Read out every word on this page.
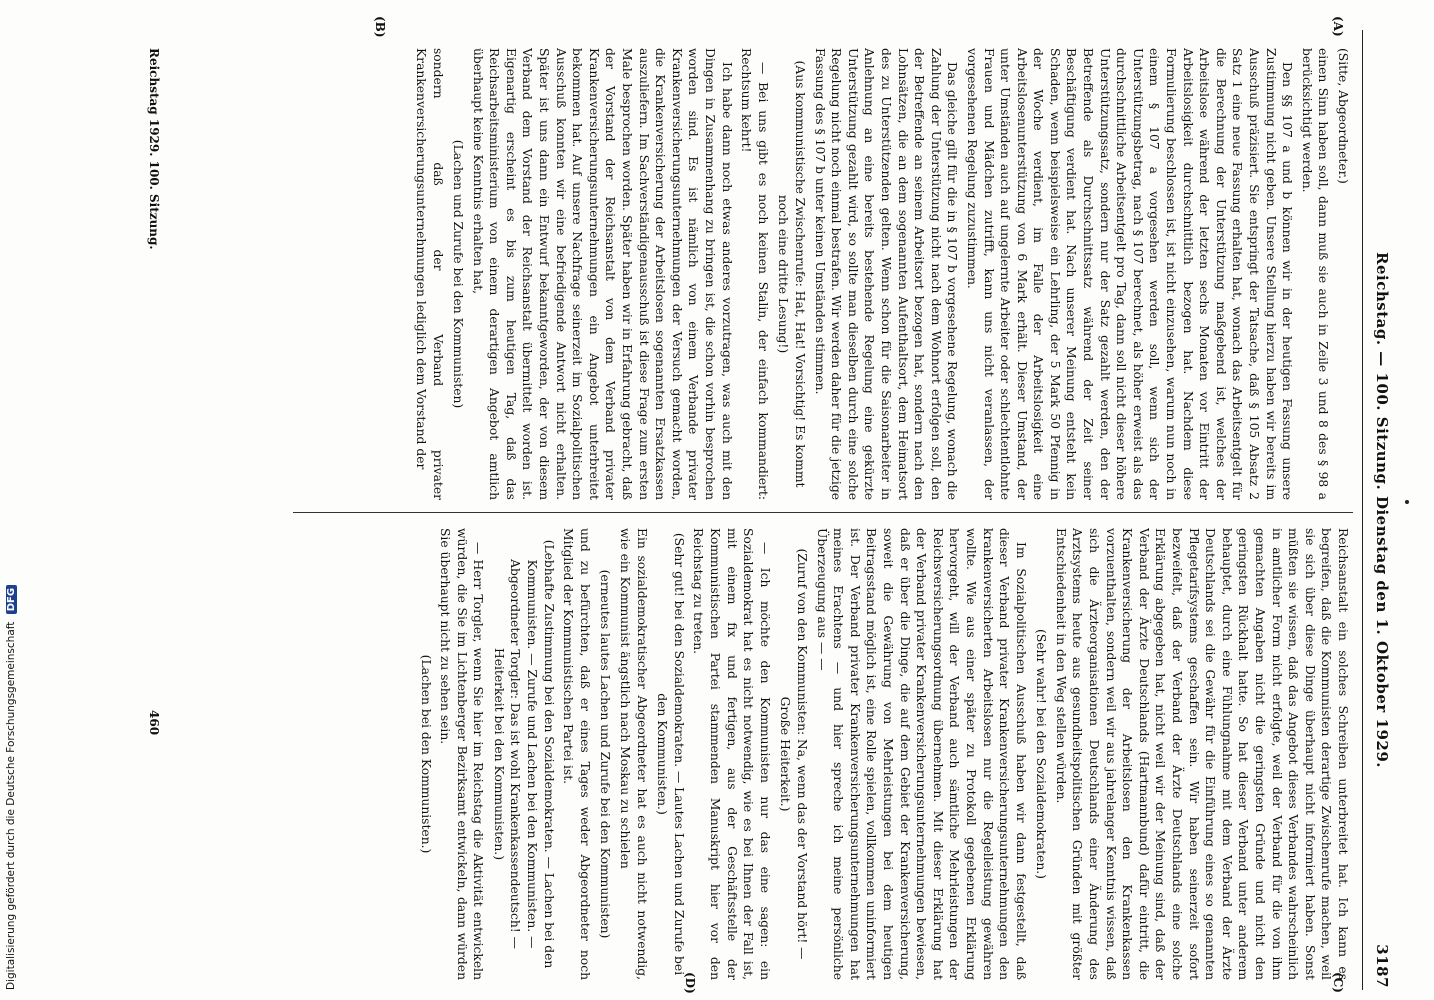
Reichstag. — 100. Sitzung. Dienstag den 1. Oktober 1929.
3187
(A)
(B)
(C)
(D)

(Sitte, Abgeordneter.)

einen Sinn haben soll, dann muß sie auch in Zeile 3 und 8 des § 98 a berücksichtigt werden.

Den §§ 107 a und b können wir in der heutigen Fassung unsere Zustimmung nicht geben. Unsere Stellung hierzu haben wir bereits im Ausschuß präzisiert. Sie entspringt der Tatsache, daß § 105 Absatz 2 Satz 1 eine neue Fassung erhalten hat, wonach das Arbeitsentgelt für die Berechnung der Unterstützung maßgebend ist, welches der Arbeitslose während der letzten sechs Monaten vor Eintritt der Arbeitslosigkeit durchschnittlich bezogen hat. Nachdem diese Formulierung beschlossen ist, ist nicht einzusehen, warum nun noch in einem § 107 a vorgesehen werden soll, wenn sich der Unterstützungsbetrag, nach § 107 berechnet, als höher erweist als das durchschnittliche Arbeitsentgelt pro Tag, dann soll nicht dieser höhere Unterstützungssatz, sondern nur der Satz gezahlt werden, den der Betreffende als Durchschnittssatz während der Zeit seiner Beschäftigung verdient hat. Nach unserer Meinung entsteht kein Schaden, wenn beispielsweise ein Lehrling, der 5 Mark 50 Pfennig in der Woche verdient, im Falle der Arbeitslosigkeit eine Arbeitslosenunterstützung von 6 Mark erhält. Dieser Umstand, der unter Umständen auch auf ungelernte Arbeiter oder schlechtentlohnte Frauen und Mädchen zutrifft, kann uns nicht veranlassen, der vorgesehenen Regelung zuzustimmen.

Das gleiche gilt für die in § 107 b vorgesehene Regelung, wonach die Zahlung der Unterstützung nicht nach dem Wohnort erfolgen soll, den der Betreffende an seinem Arbeitsort bezogen hat, sondern nach den Lohnsätzen, die an dem sogenannten Aufenthaltsort, dem Heimatsort des zu Unterstützenden gelten. Wenn schon für die Saisonarbeiter in Anlehnung an eine bereits bestehende Regelung eine gekürzte Unterstützung gezahlt wird, so sollte man dieselben durch eine solche Regelung nicht noch einmal bestrafen. Wir werden daher für die jetzige Fassung des § 107 b unter keinen Umständen stimmen.

(Aus kommunistische Zwischenrufe: Hat, Hat! Vorsichtig! Es kommt noch eine dritte Lesung!)

— Bei uns gibt es noch keinen Stalin, der einfach kommandiert: Rechtsum kehrt!

Ich habe dann noch etwas anderes vorzutragen, was auch mit den Dingen in Zusammenhang zu bringen ist, die schon vorhin besprochen worden sind. Es ist nämlich von einem Verbande privater Krankenversicherungsunternehmungen der Versuch gemacht worden, die Krankenversicherung der Arbeitslosen sogenannten Ersatzkassen auszuliefern. Im Sachverständigenausschuß ist diese Frage zum ersten Male besprochen worden. Später haben wir in Erfahrung gebracht, daß der Vorstand der Reichsanstalt von dem Verband privater Krankenversicherungsunternehmungen ein Angebot unterbreitet bekommen hat. Auf unsere Nachfrage seinerzeit im Sozialpolitischen Ausschuß konnten wir eine befriedigende Antwort nicht erhalten. Später ist uns dann ein Entwurf bekanntgeworden, der von diesem Verband dem Vorstand der Reichsanstalt übermittelt worden ist. Eigenartig erscheint es bis zum heutigen Tag, daß das Reichsarbeitsministerium von einem derartigen Angebot amtlich überhaupt keine Kenntnis erhalten hat,

(Lachen und Zurufe bei den Kommunisten)

sondern daß der Verband privater Krankenversicherungsunternehmungen lediglich dem Vorstand der

Reichsanstalt ein solches Schreiben unterbreitet hat. Ich kann es begreifen, daß die Kommunisten derartige Zwischenrufe machen, weil sie sich über diese Dinge überhaupt nicht informiert haben. Sonst müßten sie wissen, daß das Angebot dieses Verbandes wahrscheinlich in amtlicher Form nicht erfolgte, weil der Verband für die von ihm gemachten Angaben nicht die geringsten Gründe und nicht den geringsten Rückhalt hatte. So hat dieser Verband unter anderem behauptet, durch eine Fühlungnahme mit dem Verband der Ärzte Deutschlands sei die Gewähr für die Einführung eines so genannten Pflegetarifsystems geschaffen sein. Wir haben seinerzeit sofort bezweifelt, daß der Verband der Ärzte Deutschlands eine solche Erklärung abgegeben hat, nicht weil wir der Meinung sind, daß der Verband der Ärzte Deutschlands (Hartmannbund) dafür eintritt, die Krankenversicherung der Arbeitslosen den Krankenkassen vorzuenthalten, sondern weil wir aus jahrelanger Kenntnis wissen, daß sich die Ärzteorganisationen Deutschlands einer Änderung des Arztsystems heute aus gesundheitspolitischen Gründen mit größter Entschiedenheit in den Weg stellen würden.

(Sehr wahr! bei den Sozialdemokraten.)

Im Sozialpolitischen Ausschuß haben wir dann festgestellt, daß dieser Verband privater Krankenversicherungsunternehmungen den krankenversicherten Arbeitslosen nur die Regelleistung gewähren wollte. Wie aus einer später zu Protokoll gegebenen Erklärung hervorgeht, will der Verband auch sämtliche Mehrleistungen der Reichsversicherungsordnung übernehmen. Mit dieser Erklärung hat der Verband privater Krankenversicherungsunternehmungen bewiesen, daß er über die Dinge, die auf dem Gebiet der Krankenversicherung, soweit die Gewährung von Mehrleistungen bei dem heutigen Beitragsstand möglich ist, eine Rolle spielen, vollkommen uninformiert ist. Der Verband privater Krankenversicherungsunternehmungen hat meines Erachtens — und hier spreche ich meine persönliche Überzeugung aus — —

(Zuruf von den Kommunisten: Na, wenn das der Vorstand hört! — Große Heiterkeit.)

— Ich möchte den Kommunisten nur das eine sagen: ein Sozialdemokrat hat es nicht notwendig, wie es bei Ihnen der Fall ist, mit einem fix und fertigen, aus der Geschäftsstelle der Kommunistischen Partei stammenden Manuskript hier vor den Reichstag zu treten.

(Sehr gut! bei den Sozialdemokraten. — Lautes Lachen und Zurufe bei den Kommunisten.)

Ein sozialdemokratischer Abgeordneter hat es auch nicht notwendig, wie ein Kommunist ängstlich nach Moskau zu schielen

(erneutes lautes Lachen und Zurufe bei den Kommunisten)

und zu befürchten, daß er eines Tages weder Abgeordneter noch Mitglied der Kommunistischen Partei ist.

(Lebhafte Zustimmung bei den Sozialdemokraten. — Lachen bei den Kommunisten. — Zurufe und Lachen bei den Kommunisten. — Abgeordneter Torgler: Das ist wohl Krankenkassendeutsch! — Heiterkeit bei den Kommunisten.)

— Herr Torgler, wenn Sie hier im Reichstag die Aktivität entwickeln würden, die Sie im Lichtenberger Bezirksamt entwickeln, dann würden Sie überhaupt nicht zu sehen sein.

(Lachen bei den Kommunisten.)

Reichstag 1929. 100. Sitzung.
460
Digitalisierung gefördert durch die Deutsche Forschungsgemeinschaft DFG
